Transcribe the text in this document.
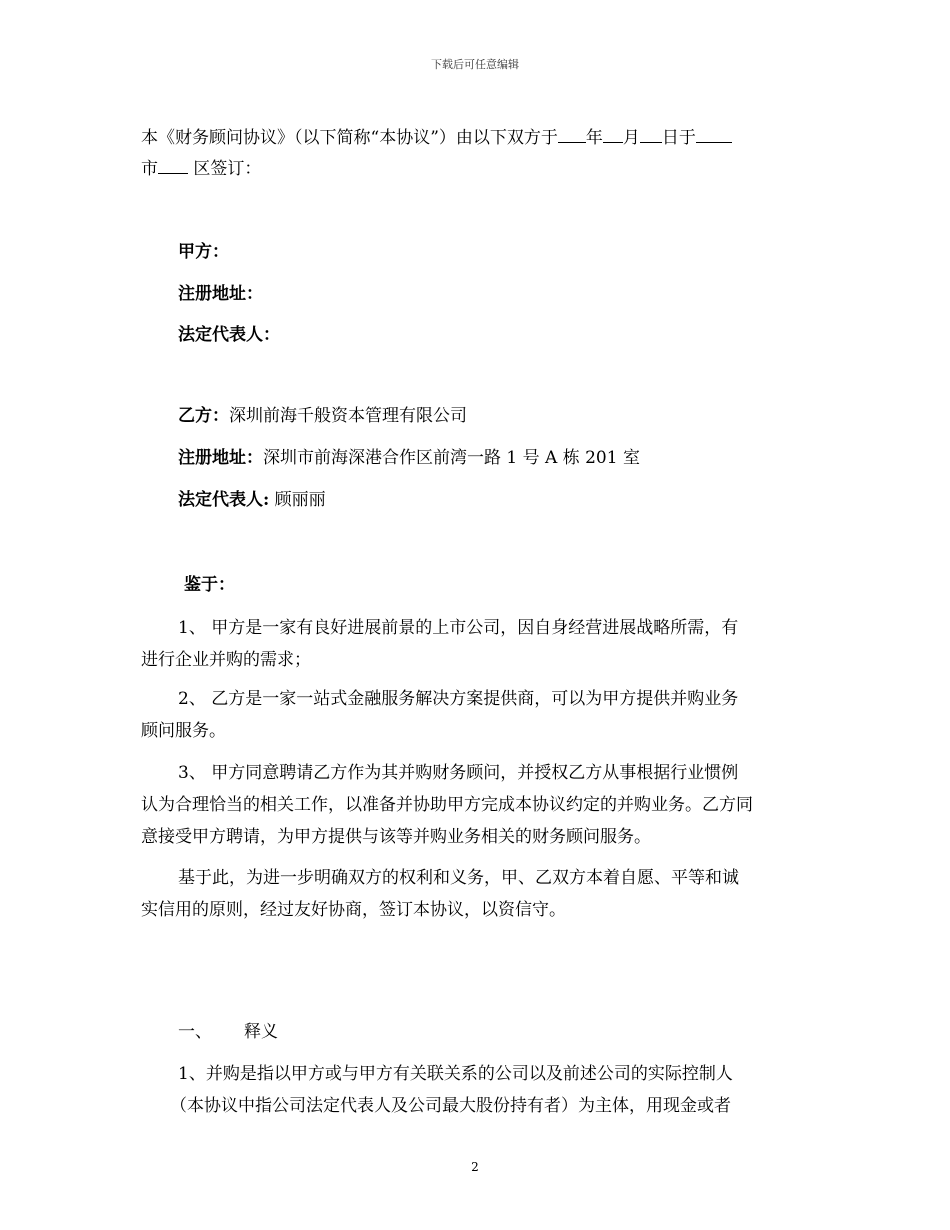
下载后可任意编辑
本《财务顾问协议》（以下简称“本协议”）由以下双方于 年 月 日于
市 区签订：
甲方：
注册地址：
法定代表人：
乙方：深圳前海千般资本管理有限公司
注册地址：深圳市前海深港合作区前湾一路 1 号 A 栋 201 室
法定代表人: 顾丽丽
鉴于：
1、 甲方是一家有良好进展前景的上市公司，因自身经营进展战略所需，有
进行企业并购的需求；
2、 乙方是一家一站式金融服务解决方案提供商，可以为甲方提供并购业务
顾问服务。
3、 甲方同意聘请乙方作为其并购财务顾问，并授权乙方从事根据行业惯例
认为合理恰当的相关工作，以准备并协助甲方完成本协议约定的并购业务。乙方同
意接受甲方聘请，为甲方提供与该等并购业务相关的财务顾问服务。
基于此，为进一步明确双方的权利和义务，甲、乙双方本着自愿、平等和诚
实信用的原则，经过友好协商，签订本协议，以资信守。
一、 释义
1、并购是指以甲方或与甲方有关联关系的公司以及前述公司的实际控制人
（本协议中指公司法定代表人及公司最大股份持有者）为主体，用现金或者
2
